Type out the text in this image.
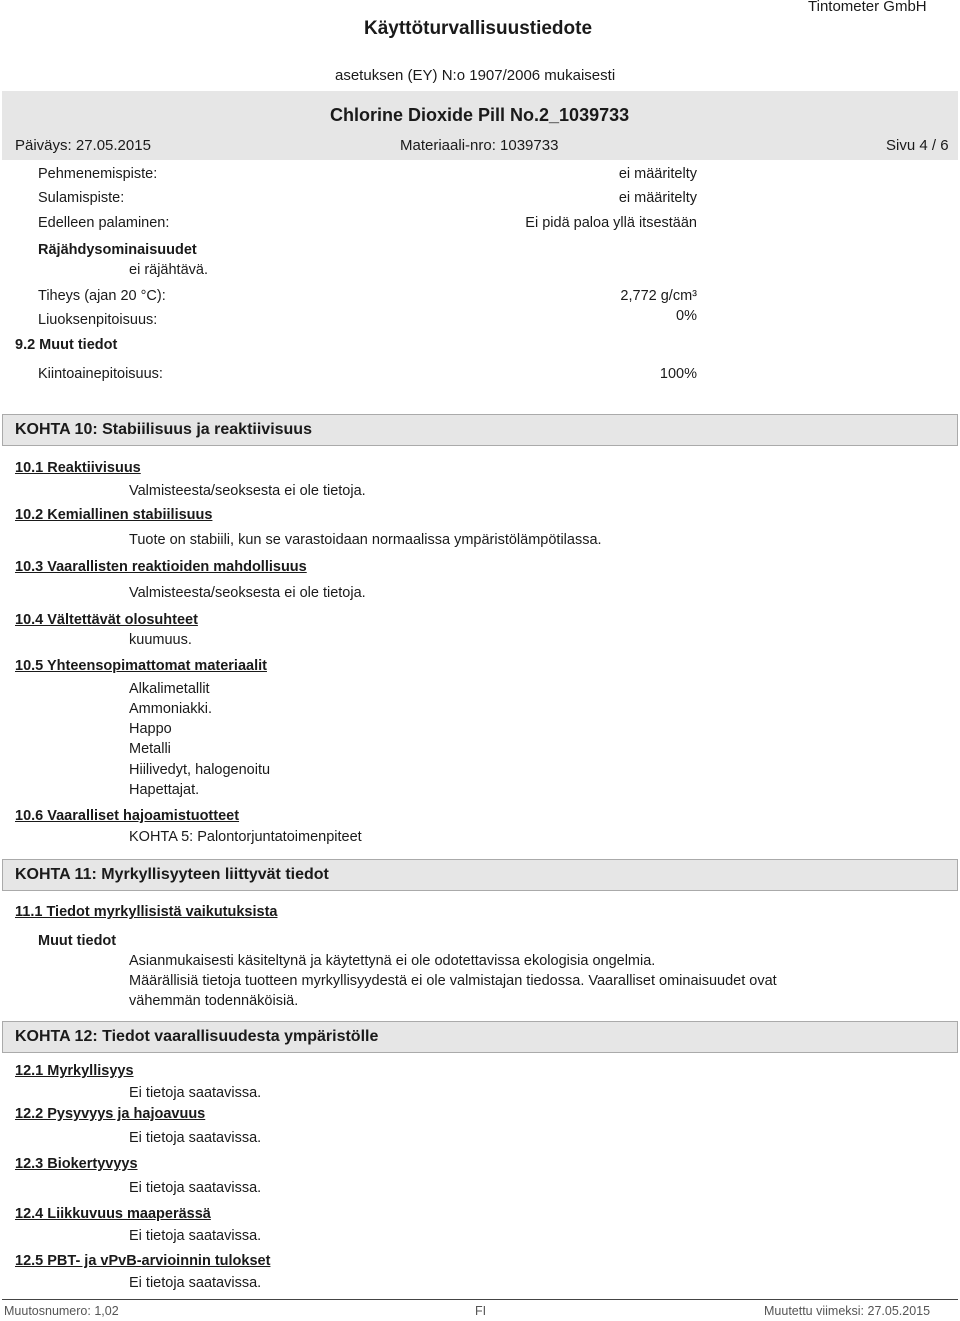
Käyttöturvallisuustiedote
Tintometer GmbH
asetuksen (EY) N:o 1907/2006 mukaisesti
Chlorine Dioxide Pill No.2_1039733
Päiväys: 27.05.2015	Materiaali-nro: 1039733	Sivu 4 / 6
Pehmenemispiste:	ei määritelty
Sulamispiste:	ei määritelty
Edelleen palaminen:	Ei pidä paloa yllä itsestään
Räjähdysominaisuudet
ei räjähtävä.
Tiheys (ajan 20 °C):	2,772 g/cm³
Liuoksenpitoisuus:	0%
9.2 Muut tiedot
Kiintoainepitoisuus:	100%
KOHTA 10: Stabiilisuus ja reaktiivisuus
10.1 Reaktiivisuus
Valmisteesta/seoksesta ei ole tietoja.
10.2 Kemiallinen stabiilisuus
Tuote on stabiili, kun se varastoidaan normaalissa ympäristölämpötilassa.
10.3 Vaarallisten reaktioiden mahdollisuus
Valmisteesta/seoksesta ei ole tietoja.
10.4 Vältettävät olosuhteet
kuumuus.
10.5 Yhteensopimattomat materiaalit
Alkalimetallit
Ammoniakki.
Happo
Metalli
Hiilivedyt, halogenoitu
Hapettajat.
10.6 Vaaralliset hajoamistuotteet
KOHTA 5: Palontorjuntatoimenpiteet
KOHTA 11: Myrkyllisyyteen liittyvät tiedot
11.1 Tiedot myrkyllisistä vaikutuksista
Muut tiedot
Asianmukaisesti käsiteltynä ja käytettynä ei ole odotettavissa ekologisia ongelmia.
Määrällisiä tietoja tuotteen myrkyllisyydestä ei ole valmistajan tiedossa. Vaaralliset ominaisuudet ovat
vähemmän todennäköisiä.
KOHTA 12: Tiedot vaarallisuudesta ympäristölle
12.1 Myrkyllisyys
Ei tietoja saatavissa.
12.2 Pysyvyys ja hajoavuus
Ei tietoja saatavissa.
12.3 Biokertyvyys
Ei tietoja saatavissa.
12.4 Liikkuvuus maaperässä
Ei tietoja saatavissa.
12.5 PBT- ja vPvB-arvioinnin tulokset
Ei tietoja saatavissa.
Muutosnumero: 1,02	FI	Muutettu viimeksi: 27.05.2015
